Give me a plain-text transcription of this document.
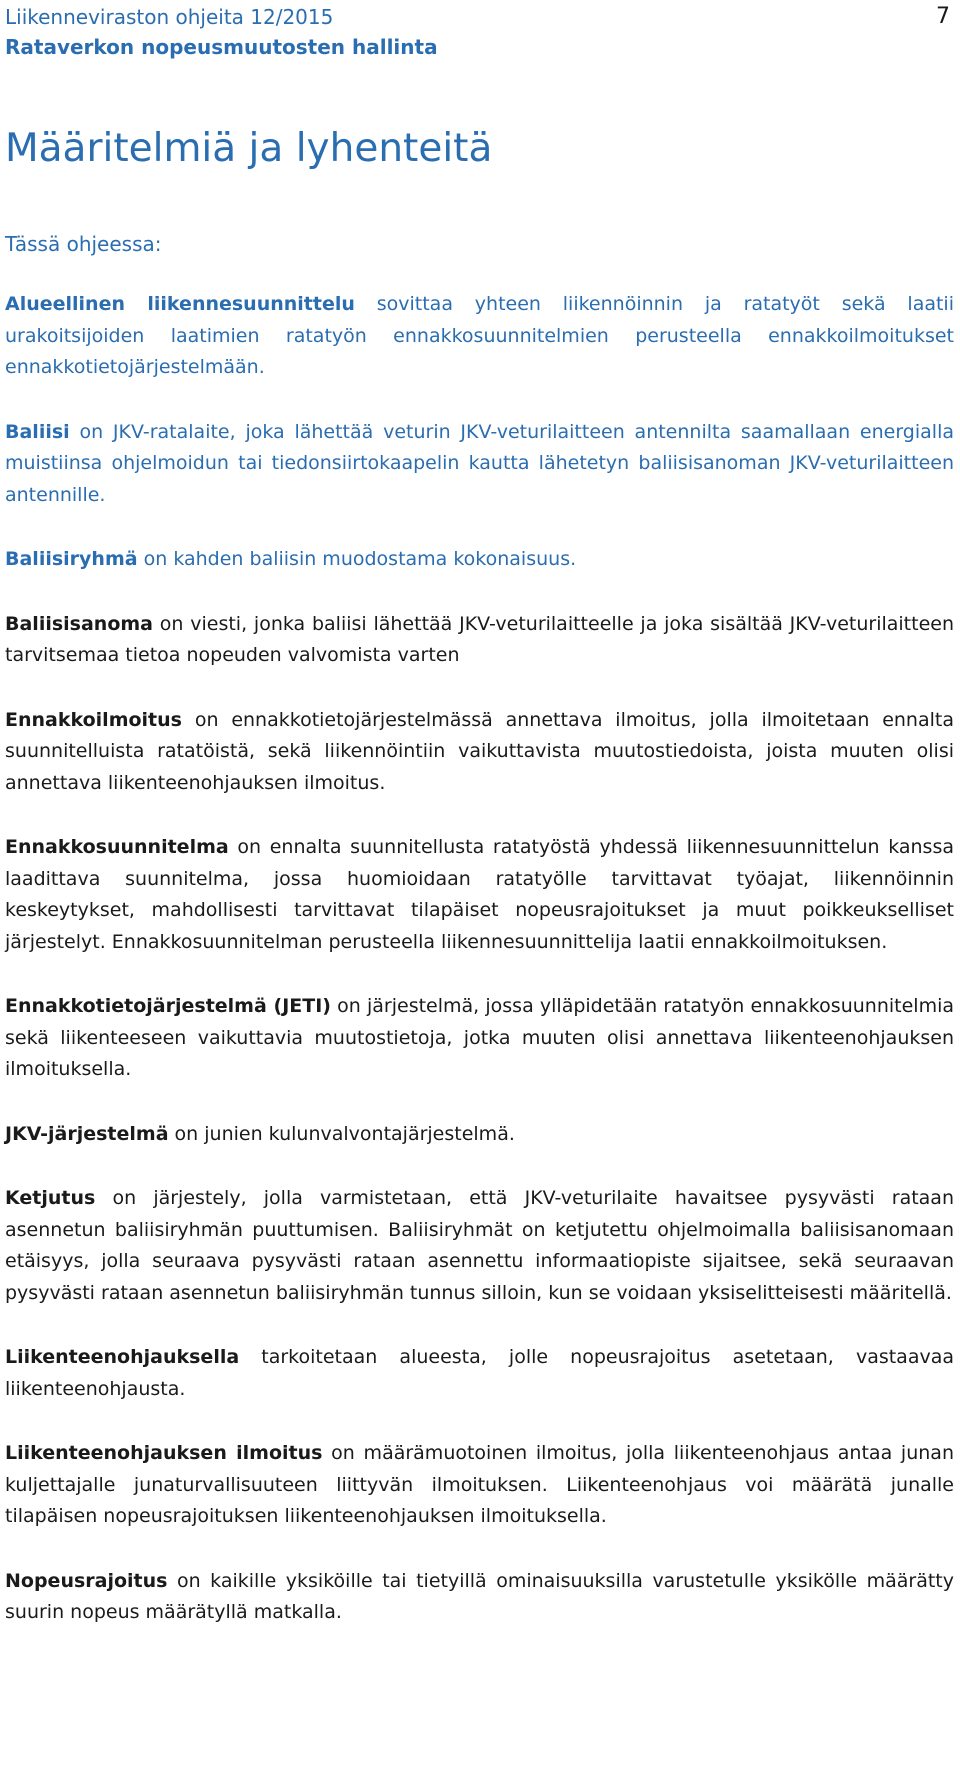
Liikenneviraston ohjeita 12/2015
Rataverkon nopeusmuutosten hallinta
7
Määritelmiä ja lyhenteitä

Tässä ohjeessa:

Alueellinen liikennesuunnittelu sovittaa yhteen liikennöinnin ja ratatyöt sekä laatii urakoitsijoiden laatimien ratatyön ennakkosuunnitelmien perusteella ennakkoilmoitukset ennakkotietojärjestelmään.

Baliisi on JKV-ratalaite, joka lähettää veturin JKV-veturilaitteen antennilta saamallaan energialla muistiinsa ohjelmoidun tai tiedonsiirtokaapelin kautta lähetetyn baliisisanoman JKV-veturilaitteen antennille.

Baliisiryhmä on kahden baliisin muodostama kokonaisuus.

Baliisisanoma on viesti, jonka baliisi lähettää JKV-veturilaitteelle ja joka sisältää JKV-veturilaitteen tarvitsemaa tietoa nopeuden valvomista varten

Ennakkoilmoitus on ennakkotietojärjestelmässä annettava ilmoitus, jolla ilmoitetaan ennalta suunnitelluista ratatöistä, sekä liikennöintiin vaikuttavista muutostiedoista, joista muuten olisi annettava liikenteenohjauksen ilmoitus.

Ennakkosuunnitelma on ennalta suunnitellusta ratatyöstä yhdessä liikennesuunnittelun kanssa laadittava suunnitelma, jossa huomioidaan ratatyölle tarvittavat työajat, liikennöinnin keskeytykset, mahdollisesti tarvittavat tilapäiset nopeusrajoitukset ja muut poikkeukselliset järjestelyt. Ennakkosuunnitelman perusteella liikennesuunnittelija laatii ennakkoilmoituksen.

Ennakkotietojärjestelmä (JETI) on järjestelmä, jossa ylläpidetään ratatyön ennakkosuunnitelmia sekä liikenteeseen vaikuttavia muutostietoja, jotka muuten olisi annettava liikenteenohjauksen ilmoituksella.

JKV-järjestelmä on junien kulunvalvontajärjestelmä.

Ketjutus on järjestely, jolla varmistetaan, että JKV-veturilaite havaitsee pysyvästi rataan asennetun baliisiryhmän puuttumisen. Baliisiryhmät on ketjutettu ohjelmoimalla baliisisanomaan etäisyys, jolla seuraava pysyvästi rataan asennettu informaatiopiste sijaitsee, sekä seuraavan pysyvästi rataan asennetun baliisiryhmän tunnus silloin, kun se voidaan yksiselitteisesti määritellä.

Liikenteenohjauksella tarkoitetaan alueesta, jolle nopeusrajoitus asetetaan, vastaavaa liikenteenohjausta.

Liikenteenohjauksen ilmoitus on määrämuotoinen ilmoitus, jolla liikenteenohjaus antaa junan kuljettajalle junaturvallisuuteen liittyvän ilmoituksen. Liikenteenohjaus voi määrätä junalle tilapäisen nopeusrajoituksen liikenteenohjauksen ilmoituksella.

Nopeusrajoitus on kaikille yksiköille tai tietyillä ominaisuuksilla varustetulle yksikölle määrätty suurin nopeus määrätyllä matkalla.
